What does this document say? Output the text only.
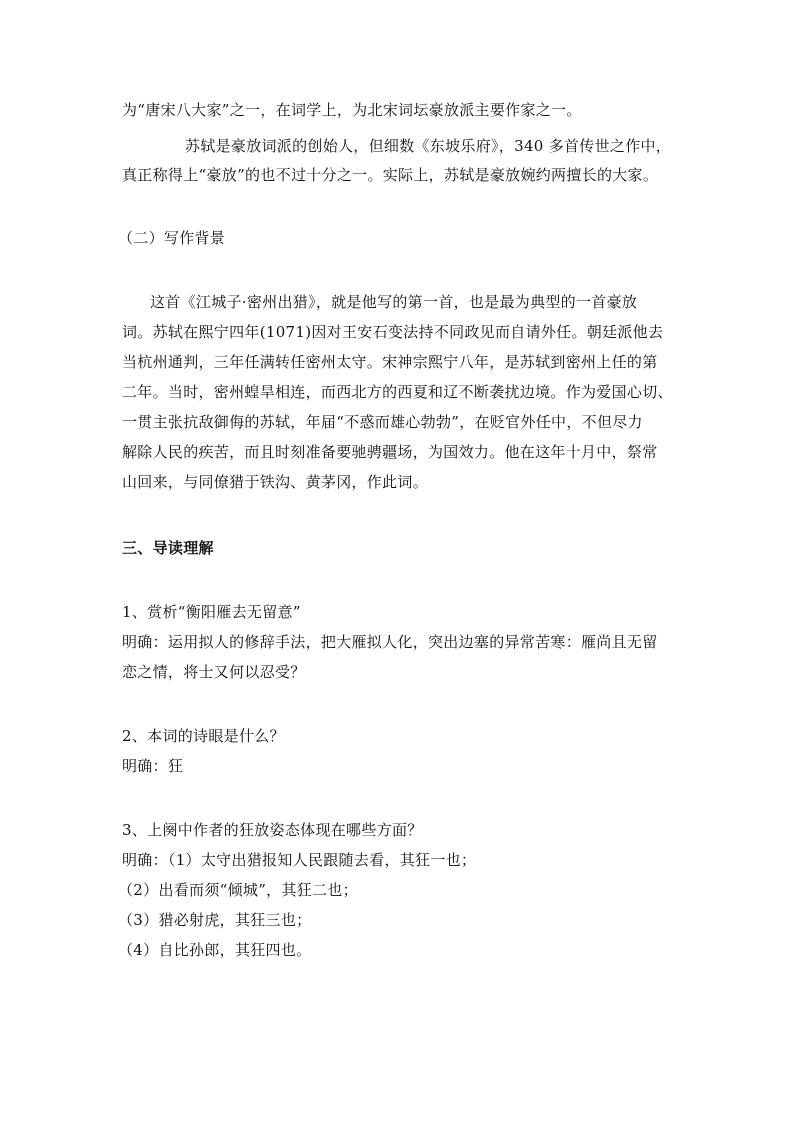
为“唐宋八大家”之一，在词学上，为北宋词坛豪放派主要作家之一。
苏轼是豪放词派的创始人，但细数《东坡乐府》，340 多首传世之作中，
真正称得上“豪放”的也不过十分之一。实际上，苏轼是豪放婉约两擅长的大家。
（二）写作背景
这首《江城子·密州出猎》，就是他写的第一首，也是最为典型的一首豪放
词。苏轼在熙宁四年(1071)因对王安石变法持不同政见而自请外任。朝廷派他去
当杭州通判，三年任满转任密州太守。宋神宗熙宁八年，是苏轼到密州上任的第
二年。当时，密州蝗旱相连，而西北方的西夏和辽不断袭扰边境。作为爱国心切、
一贯主张抗敌御侮的苏轼，年届“不惑而雄心勃勃”，在贬官外任中，不但尽力
解除人民的疾苦，而且时刻准备要驰骋疆场，为国效力。他在这年十月中，祭常
山回来，与同僚猎于铁沟、黄茅冈，作此词。
三、导读理解
1、赏析“衡阳雁去无留意”
明确：运用拟人的修辞手法，把大雁拟人化，突出边塞的异常苦寒：雁尚且无留
恋之情，将士又何以忍受？
2、本词的诗眼是什么？
明确：狂
3、上阕中作者的狂放姿态体现在哪些方面？
明确：（1）太守出猎报知人民跟随去看，其狂一也；
（2）出看而须“倾城”，其狂二也；
（3）猎必射虎，其狂三也；
（4）自比孙郎，其狂四也。
